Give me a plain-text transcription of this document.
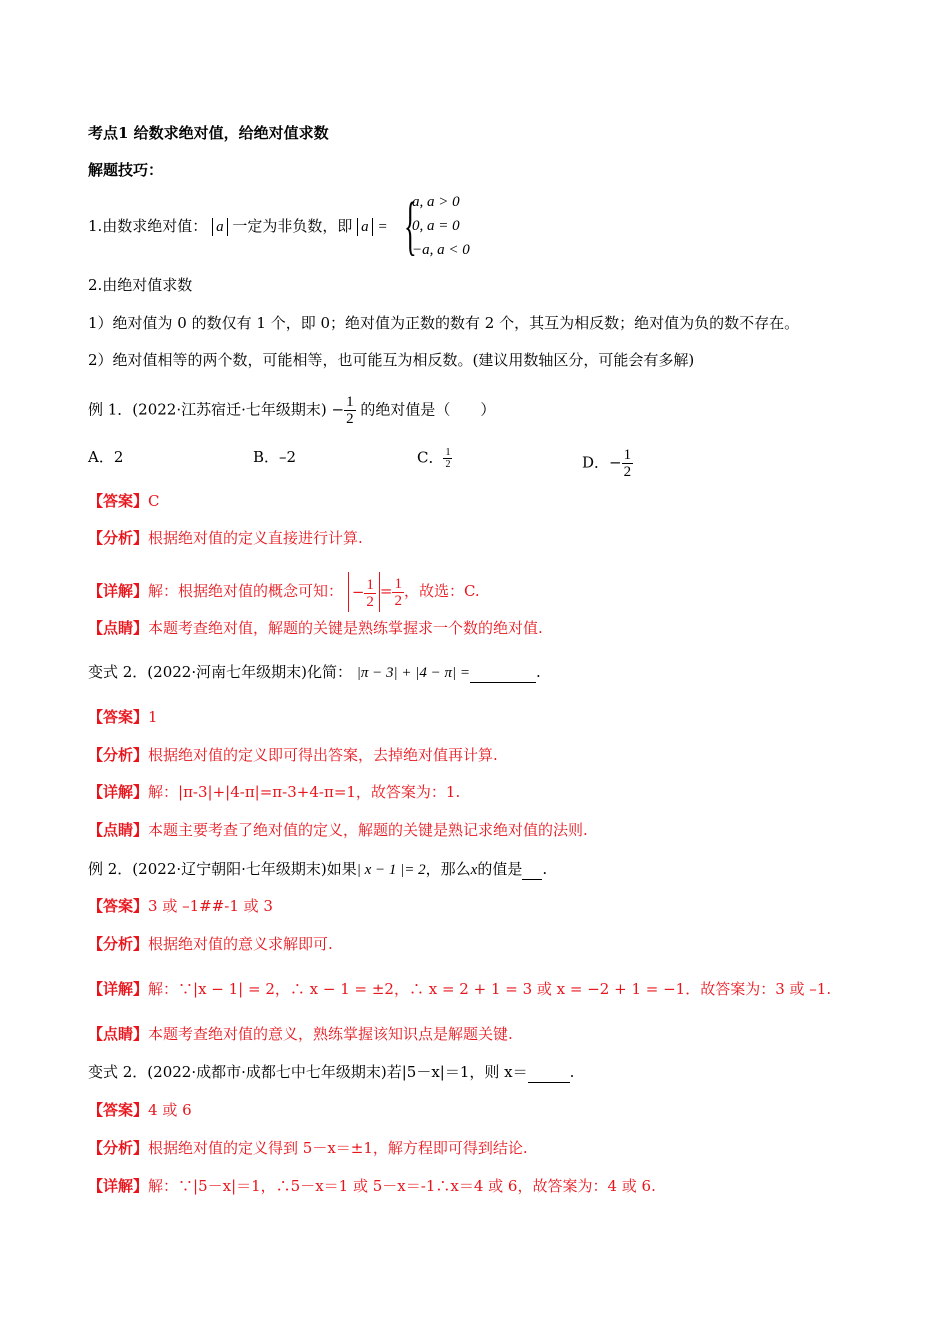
考点1 给数求绝对值，给绝对值求数
解题技巧：
1.由数求绝对值： a 一定为非负数，即 a = {
a, a > 0
0, a = 0
−a, a < 0
2.由绝对值求数
1）绝对值为 0 的数仅有 1 个，即 0；绝对值为正数的数有 2 个，其互为相反数；绝对值为负的数不存在。
2）绝对值相等的两个数，可能相等，也可能互为相反数。(建议用数轴区分，可能会有多解)
例 1．(2022·江苏宿迁·七年级期末) − $\frac{1}{2}$ 的绝对值是（　　）
A．2	B．–2	C． $\frac{1}{2}$	D．− $\frac{1}{2}$
【答案】C
【分析】根据绝对值的定义直接进行计算.
【详解】解：根据绝对值的概念可知： − $\frac{1}{2} = \frac{1}{2}$ ，故选：C.
【点睛】本题考查绝对值，解题的关键是熟练掌握求一个数的绝对值.
变式 2．(2022·河南七年级期末)化简： |π − 3| + |4 − π| =	.
【答案】1
【分析】根据绝对值的定义即可得出答案，去掉绝对值再计算.
【详解】解：|π-3|+|4-π|=π-3+4-π=1，故答案为：1.
【点睛】本题主要考查了绝对值的定义，解题的关键是熟记求绝对值的法则.
例 2．(2022·辽宁朝阳·七年级期末)如果| x − 1 |= 2，那么x的值是 .
【答案】3 或 –1##-1 或 3
【分析】根据绝对值的意义求解即可.
【详解】解：∵|x − 1| = 2，∴ x − 1 = ±2，∴ x = 2 + 1 = 3 或 x = −2 + 1 = −1．故答案为：3 或 –1.
【点睛】本题考查绝对值的意义，熟练掌握该知识点是解题关键.
变式 2．(2022·成都市·成都七中七年级期末)若|5－x|＝1，则 x＝	.
【答案】4 或 6
【分析】根据绝对值的定义得到 5－x＝±1，解方程即可得到结论.
【详解】解：∵|5－x|＝1，∴5－x＝1 或 5－x＝-1∴x＝4 或 6，故答案为：4 或 6.
